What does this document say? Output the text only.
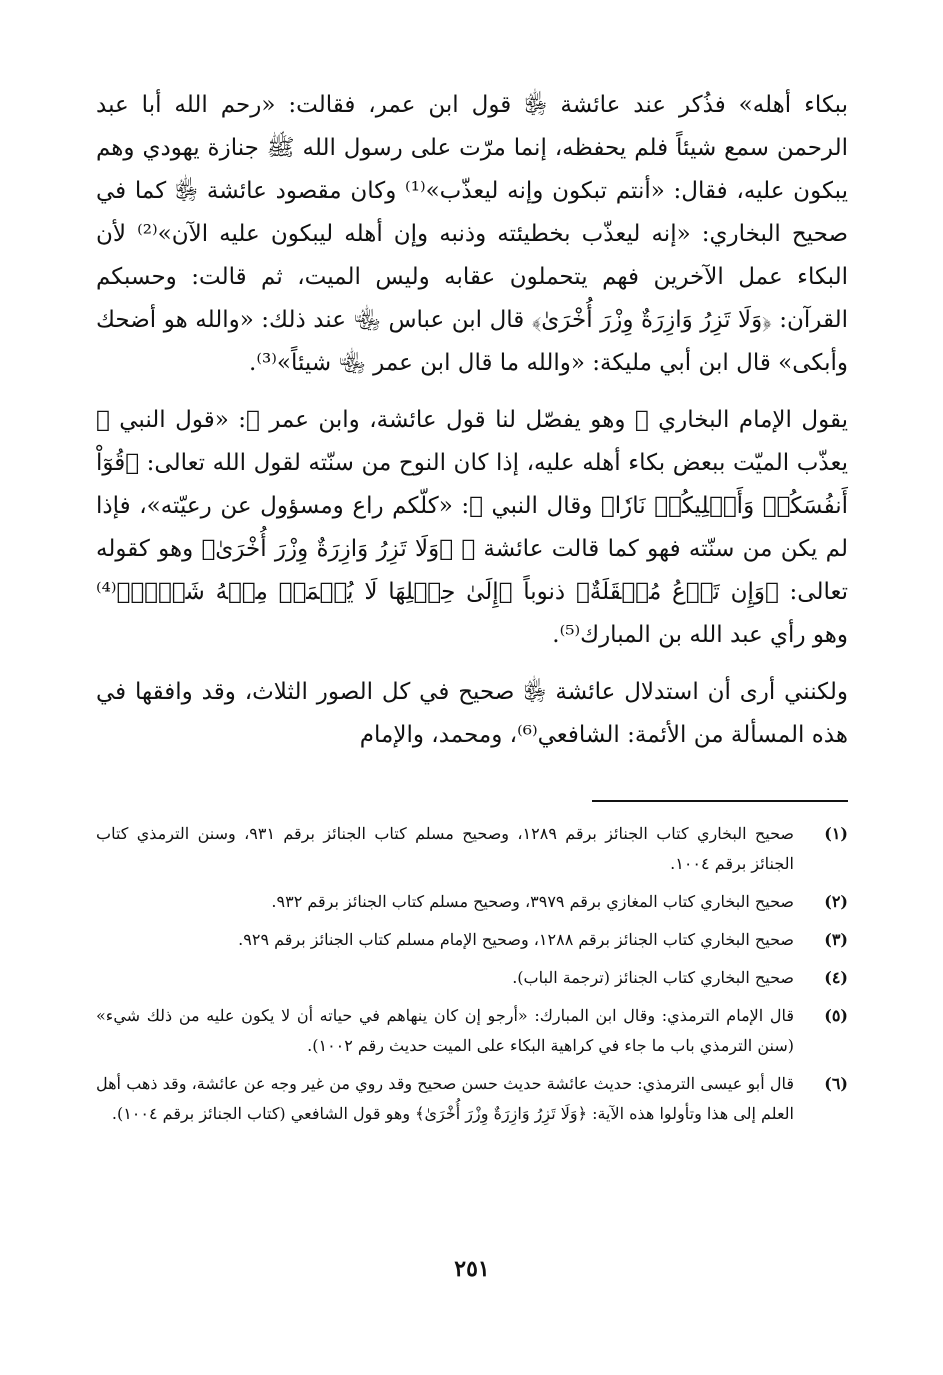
ببكاء أهله» فذُكر عند عائشة ﵂ قول ابن عمر، فقالت: «رحم الله أبا عبد الرحمن سمع شيئاً فلم يحفظه، إنما مرّت على رسول الله ﷺ جنازة يهودي وهم يبكون عليه، فقال: «أنتم تبكون وإنه ليعذّب»⁽¹⁾ وكان مقصود عائشة ﵂ كما في صحيح البخاري: «إنه ليعذّب بخطيئته وذنبه وإن أهله ليبكون عليه الآن»⁽²⁾ لأن البكاء عمل الآخرين فهم يتحملون عقابه وليس الميت، ثم قالت: وحسبكم القرآن: ﴿وَلَا تَزِرُ وَازِرَةٌ وِزْرَ أُخْرَىٰ﴾ قال ابن عباس ﵄ عند ذلك: «والله هو أضحك وأبكى» قال ابن أبي مليكة: «والله ما قال ابن عمر ﵄ شيئاً»⁽³⁾.

يقول الإمام البخاري ﵀ وهو يفصّل لنا قول عائشة، وابن عمر ﵃: «قول النبي ﷺ يعذّب الميّت ببعض بكاء أهله عليه، إذا كان النوح من سنّته لقول الله تعالى: ﴿قُوٓاْ أَنفُسَكُمۡ وَأَهۡلِيكُمۡ نَارٗا﴾ وقال النبي ﷺ: «كلّكم راع ومسؤول عن رعيّته»، فإذا لم يكن من سنّته فهو كما قالت عائشة ﵂ ﴿وَلَا تَزِرُ وَازِرَةٌ وِزْرَ أُخْرَىٰ﴾ وهو كقوله تعالى: ﴿وَإِن تَدۡعُ مُثۡقَلَةٌ﴾ ذنوباً ﴿إِلَىٰ حِمۡلِهَا لَا يُحۡمَلۡ مِنۡهُ شَيۡءٞ﴾⁽⁴⁾ وهو رأي عبد الله بن المبارك⁽⁵⁾.

ولكنني أرى أن استدلال عائشة ﵂ صحيح في كل الصور الثلاث، وقد وافقها في هذه المسألة من الأئمة: الشافعي⁽⁶⁾، ومحمد، والإمام

(١)
صحيح البخاري كتاب الجنائز برقم ١٢٨٩، وصحيح مسلم كتاب الجنائز برقم ٩٣١، وسنن الترمذي كتاب الجنائز برقم ١٠٠٤.
(٢)
صحيح البخاري كتاب المغازي برقم ٣٩٧٩، وصحيح مسلم كتاب الجنائز برقم ٩٣٢.
(٣)
صحيح البخاري كتاب الجنائز برقم ١٢٨٨، وصحيح الإمام مسلم كتاب الجنائز برقم ٩٢٩.
(٤)
صحيح البخاري كتاب الجنائز (ترجمة الباب).
(٥)
قال الإمام الترمذي: وقال ابن المبارك: «أرجو إن كان ينهاهم في حياته أن لا يكون عليه من ذلك شيء» (سنن الترمذي باب ما جاء في كراهية البكاء على الميت حديث رقم ١٠٠٢).
(٦)
قال أبو عيسى الترمذي: حديث عائشة حديث حسن صحيح وقد روي من غير وجه عن عائشة، وقد ذهب أهل العلم إلى هذا وتأولوا هذه الآية: ﴿وَلَا تَزِرُ وَازِرَةٌ وِزْرَ أُخْرَىٰ﴾ وهو قول الشافعي (كتاب الجنائز برقم ١٠٠٤).
٢٥١
